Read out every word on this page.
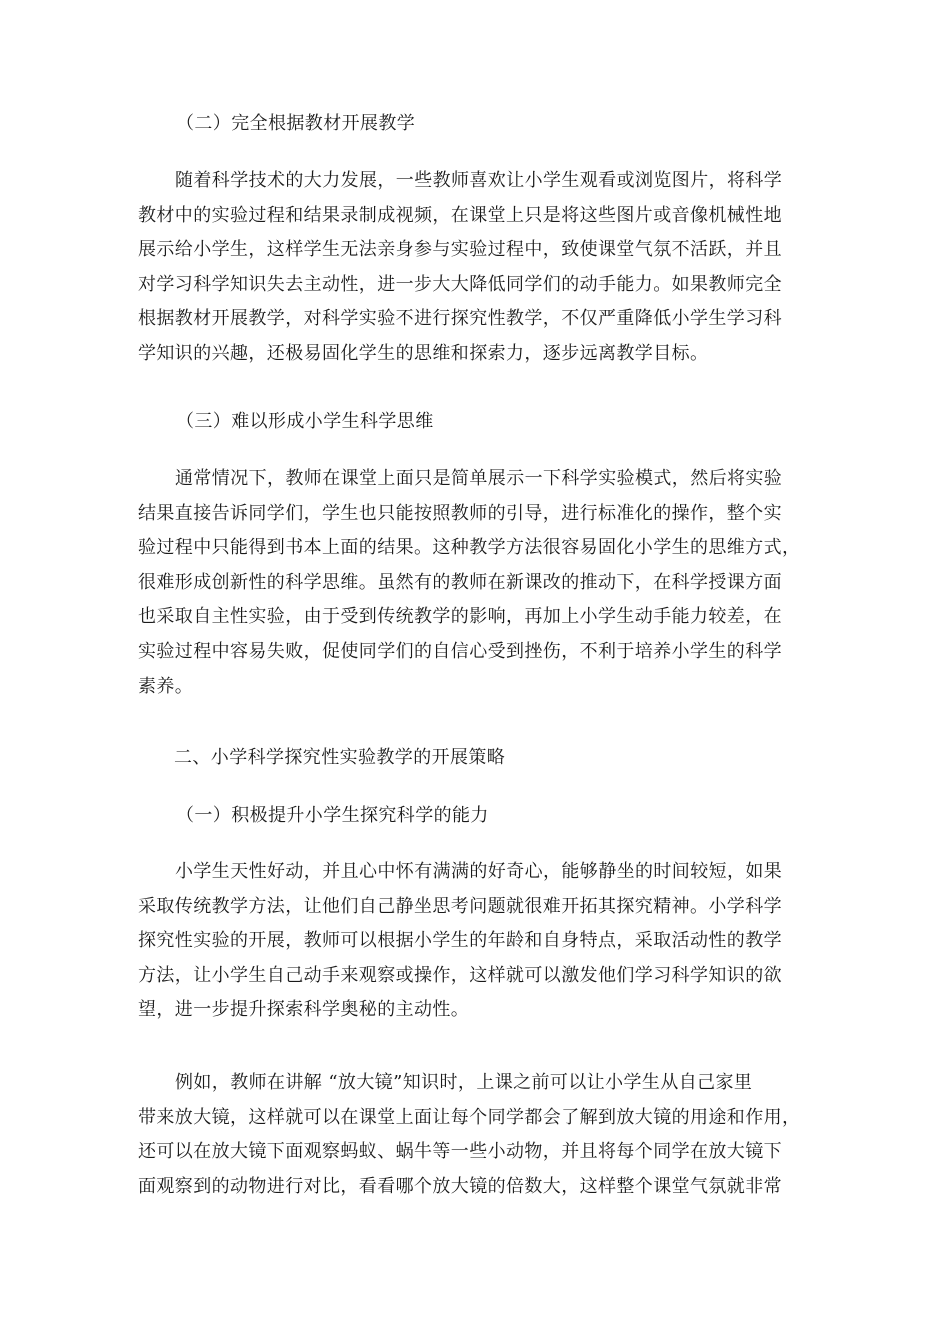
（二）完全根据教材开展教学
随着科学技术的大力发展，一些教师喜欢让小学生观看或浏览图片，将科学
教材中的实验过程和结果录制成视频，在课堂上只是将这些图片或音像机械性地
展示给小学生，这样学生无法亲身参与实验过程中，致使课堂气氛不活跃，并且
对学习科学知识失去主动性，进一步大大降低同学们的动手能力。如果教师完全
根据教材开展教学，对科学实验不进行探究性教学，不仅严重降低小学生学习科
学知识的兴趣，还极易固化学生的思维和探索力，逐步远离教学目标。
（三）难以形成小学生科学思维
通常情况下，教师在课堂上面只是简单展示一下科学实验模式，然后将实验
结果直接告诉同学们，学生也只能按照教师的引导，进行标准化的操作，整个实
验过程中只能得到书本上面的结果。这种教学方法很容易固化小学生的思维方式，
很难形成创新性的科学思维。虽然有的教师在新课改的推动下，在科学授课方面
也采取自主性实验，由于受到传统教学的影响，再加上小学生动手能力较差，在
实验过程中容易失败，促使同学们的自信心受到挫伤，不利于培养小学生的科学
素养。
二、小学科学探究性实验教学的开展策略
（一）积极提升小学生探究科学的能力
小学生天性好动，并且心中怀有满满的好奇心，能够静坐的时间较短，如果
采取传统教学方法，让他们自己静坐思考问题就很难开拓其探究精神。小学科学
探究性实验的开展，教师可以根据小学生的年龄和自身特点，采取活动性的教学
方法，让小学生自己动手来观察或操作，这样就可以激发他们学习科学知识的欲
望，进一步提升探索科学奥秘的主动性。
例如，教师在讲解 “放大镜”知识时，上课之前可以让小学生从自己家里
带来放大镜，这样就可以在课堂上面让每个同学都会了解到放大镜的用途和作用，
还可以在放大镜下面观察蚂蚁、蜗牛等一些小动物，并且将每个同学在放大镜下
面观察到的动物进行对比，看看哪个放大镜的倍数大，这样整个课堂气氛就非常
